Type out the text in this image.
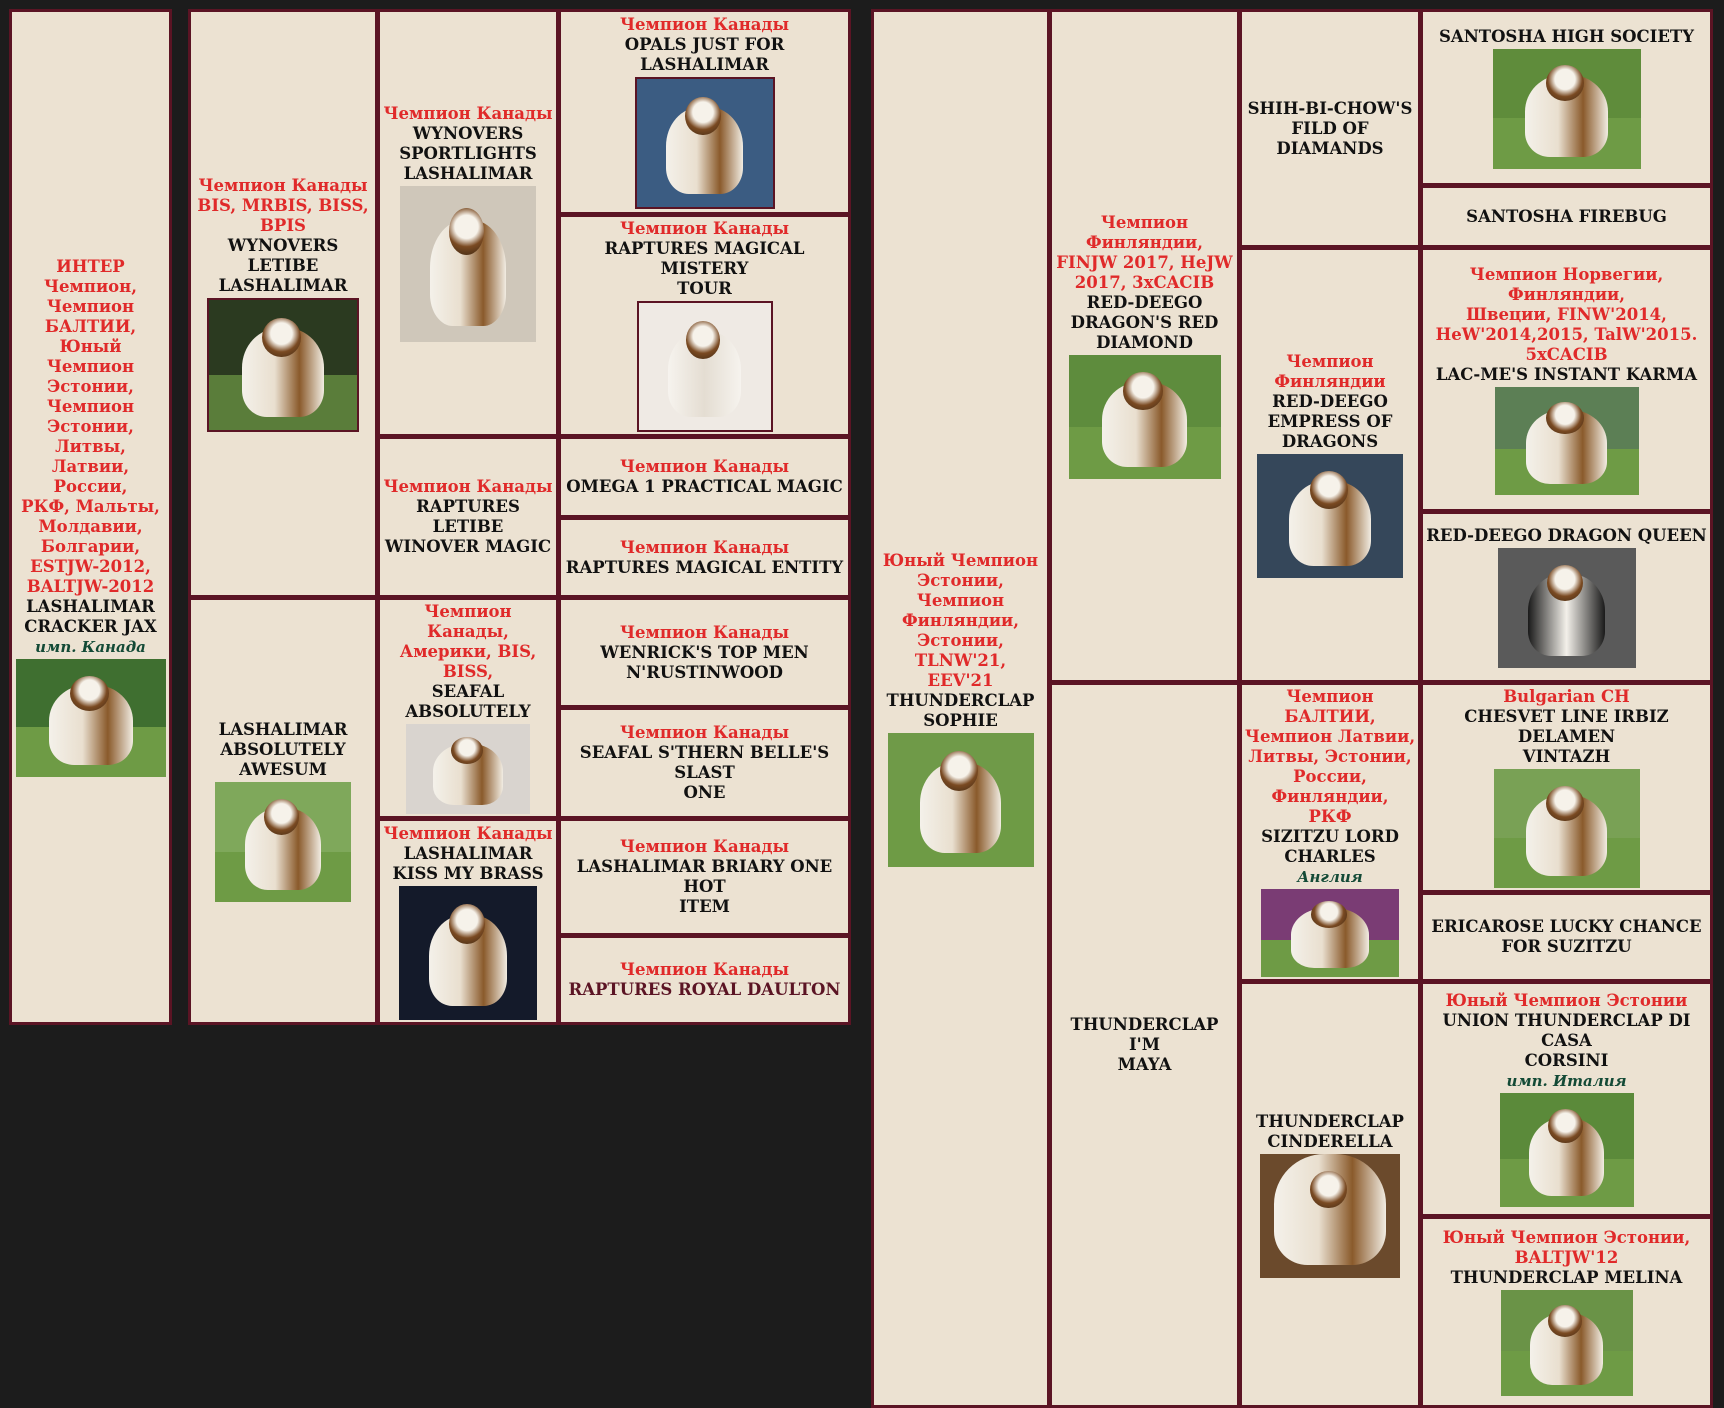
ИНТЕР Чемпион,
Чемпион БАЛТИИ,
Юный Чемпион
Эстонии, Чемпион
Эстонии, Литвы,
Латвии, России,
РКФ, Мальты,
Молдавии, Болгарии,
ESTJW-2012,
BALTJW-2012
LASHALIMAR
CRACKER JAX
имп. Канада
Чемпион Канады
BIS, MRBIS, BISS,
BPIS
WYNOVERS LETIBE
LASHALIMAR
LASHALIMAR
ABSOLUTELY
AWESUM
Чемпион Канады
WYNOVERS
SPORTLIGHTS
LASHALIMAR
Чемпион Канады
RAPTURES LETIBE
WINOVER MAGIC
Чемпион Канады,
Америки, BIS, BISS,
SEAFAL
ABSOLUTELY
Чемпион Канады
LASHALIMAR
KISS MY BRASS
Чемпион Канады
OPALS JUST FOR LASHALIMAR
Чемпион Канады
RAPTURES MAGICAL MISTERY
TOUR
Чемпион Канады
OMEGA 1 PRACTICAL MAGIC
Чемпион Канады
RAPTURES MAGICAL ENTITY
Чемпион Канады
WENRICK'S TOP MEN
N'RUSTINWOOD
Чемпион Канады
SEAFAL S'THERN BELLE'S SLAST
ONE
Чемпион Канады
LASHALIMAR BRIARY ONE HOT
ITEM
Чемпион Канады
RAPTURES ROYAL DAULTON
Юный Чемпион
Эстонии, Чемпион
Финляндии,
Эстонии, TLNW'21,
EEV'21
THUNDERCLAP
SOPHIE
Чемпион Финляндии,
FINJW 2017, HeJW
2017, 3xCACIB
RED-DEEGO
DRAGON'S RED
DIAMOND
THUNDERCLAP I'M
MAYA
SHIH-BI-CHOW'S
FILD OF
DIAMANDS
Чемпион
Финляндии
RED-DEEGO
EMPRESS OF
DRAGONS
Чемпион БАЛТИИ,
Чемпион Латвии,
Литвы, Эстонии,
России, Финляндии,
РКФ
SIZITZU LORD
CHARLES
Англия
THUNDERCLAP
CINDERELLA
SANTOSHA HIGH SOCIETY
SANTOSHA FIREBUG
Чемпион Норвегии, Финляндии,
Швеции, FINW'2014,
HeW'2014,2015, TalW'2015.
5xCACIB
LAC-ME'S INSTANT KARMA
RED-DEEGO DRAGON QUEEN
Bulgarian CH
CHESVET LINE IRBIZ DELAMEN
VINTAZH
ERICAROSE LUCKY CHANCE
FOR SUZITZU
Юный Чемпион Эстонии
UNION THUNDERCLAP DI CASA
CORSINI
имп. Италия
Юный Чемпион Эстонии,
BALTJW'12
THUNDERCLAP MELINA
